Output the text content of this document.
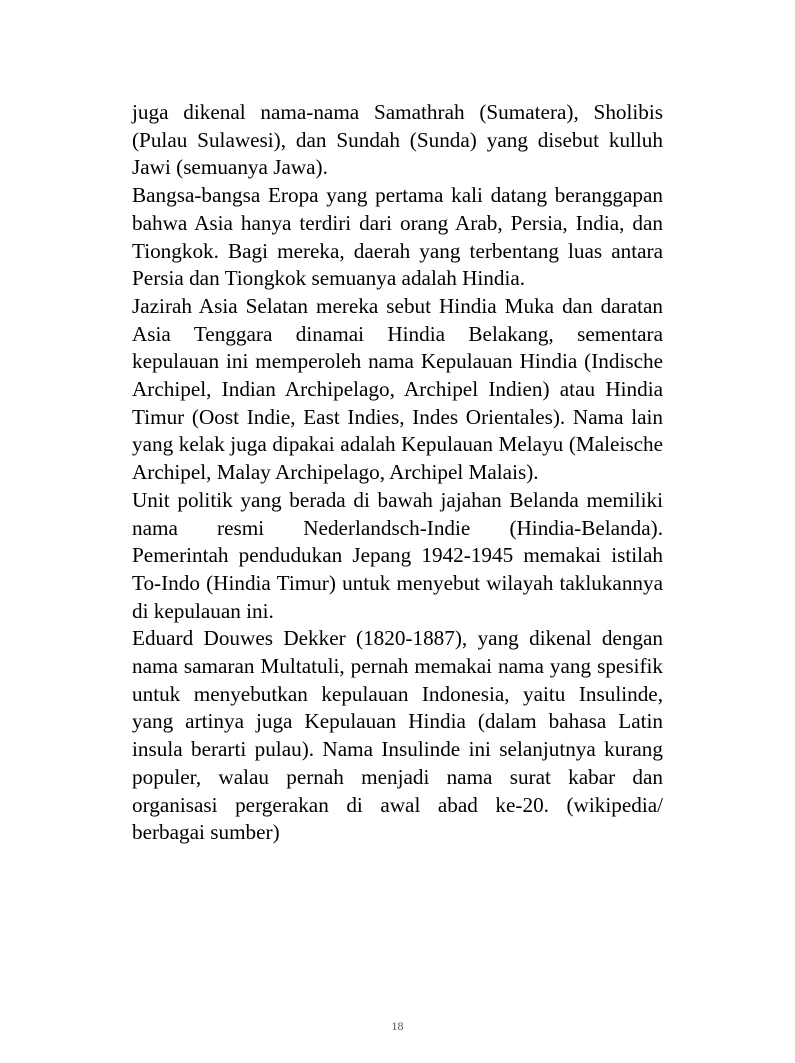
juga dikenal nama-nama Samathrah (Sumatera), Sholibis (Pulau Sulawesi), dan Sundah (Sunda) yang disebut kulluh Jawi (semuanya Jawa).

Bangsa-bangsa Eropa yang pertama kali datang beranggapan bahwa Asia hanya terdiri dari orang Arab, Persia, India, dan Tiongkok. Bagi mereka, daerah yang terbentang luas antara Persia dan Tiongkok semuanya adalah Hindia.

Jazirah Asia Selatan mereka sebut Hindia Muka dan daratan Asia Tenggara dinamai Hindia Belakang, sementara kepulauan ini memperoleh nama Kepulauan Hindia (Indische Archipel, Indian Archipelago, Archipel Indien) atau Hindia Timur (Oost Indie, East Indies, Indes Orientales). Nama lain yang kelak juga dipakai adalah Kepulauan Melayu (Maleische Archipel, Malay Archipelago, Archipel Malais).

Unit politik yang berada di bawah jajahan Belanda memiliki nama resmi Nederlandsch-Indie (Hindia-Belanda). Pemerintah pendudukan Jepang 1942-1945 memakai istilah To-Indo (Hindia Timur) untuk menyebut wilayah taklukannya di kepulauan ini.

Eduard Douwes Dekker (1820-1887), yang dikenal dengan nama samaran Multatuli, pernah memakai nama yang spesifik untuk menyebutkan kepulauan Indonesia, yaitu Insulinde, yang artinya juga Kepulauan Hindia (dalam bahasa Latin insula berarti pulau). Nama Insulinde ini selanjutnya kurang populer, walau pernah menjadi nama surat kabar dan organisasi pergerakan di awal abad ke-20. (wikipedia/ berbagai sumber)

18
